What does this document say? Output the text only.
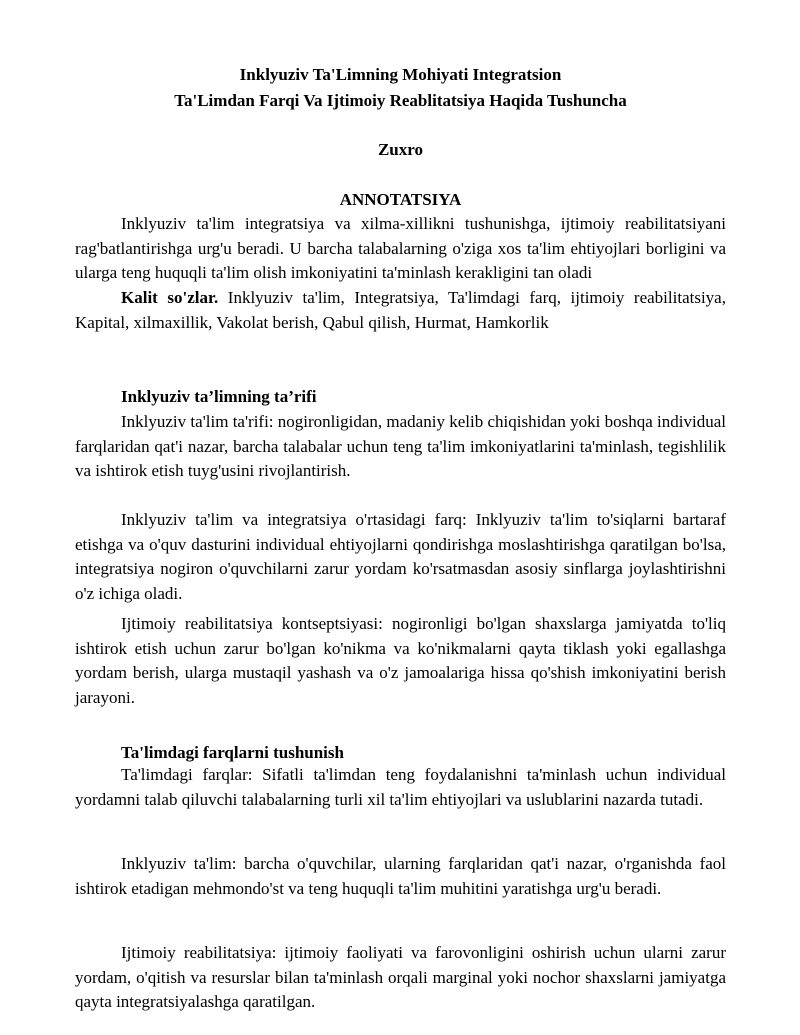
Inklyuziv Ta'Limning Mohiyati Integratsion
Ta'Limdan Farqi Va Ijtimoiy Reablitatsiya Haqida Tushuncha

Zuxro

ANNOTATSIYA

Inklyuziv ta'lim integratsiya va xilma-xillikni tushunishga, ijtimoiy reabilitatsiyani rag'batlantirishga urg'u beradi. U barcha talabalarning o'ziga xos ta'lim ehtiyojlari borligini va ularga teng huquqli ta'lim olish imkoniyatini ta'minlash kerakligini tan oladi

Kalit so'zlar. Inklyuziv ta'lim, Integratsiya, Ta'limdagi farq, ijtimoiy reabilitatsiya, Kapital, xilmaxillik, Vakolat berish, Qabul qilish, Hurmat, Hamkorlik

Inklyuziv ta’limning ta’rifi

Inklyuziv ta'lim ta'rifi: nogironligidan, madaniy kelib chiqishidan yoki boshqa individual farqlaridan qat'i nazar, barcha talabalar uchun teng ta'lim imkoniyatlarini ta'minlash, tegishlilik va ishtirok etish tuyg'usini rivojlantirish.

Inklyuziv ta'lim va integratsiya o'rtasidagi farq: Inklyuziv ta'lim to'siqlarni bartaraf etishga va o'quv dasturini individual ehtiyojlarni qondirishga moslashtirishga qaratilgan bo'lsa, integratsiya nogiron o'quvchilarni zarur yordam ko'rsatmasdan asosiy sinflarga joylashtirishni o'z ichiga oladi.

Ijtimoiy reabilitatsiya kontseptsiyasi: nogironligi bo'lgan shaxslarga jamiyatda to'liq ishtirok etish uchun zarur bo'lgan ko'nikma va ko'nikmalarni qayta tiklash yoki egallashga yordam berish, ularga mustaqil yashash va o'z jamoalariga hissa qo'shish imkoniyatini berish jarayoni.

Ta'limdagi farqlarni tushunish

Ta'limdagi farqlar: Sifatli ta'limdan teng foydalanishni ta'minlash uchun individual yordamni talab qiluvchi talabalarning turli xil ta'lim ehtiyojlari va uslublarini nazarda tutadi.

Inklyuziv ta'lim: barcha o'quvchilar, ularning farqlaridan qat'i nazar, o'rganishda faol ishtirok etadigan mehmondo'st va teng huquqli ta'lim muhitini yaratishga urg'u beradi.

Ijtimoiy reabilitatsiya: ijtimoiy faoliyati va farovonligini oshirish uchun ularni zarur yordam, o'qitish va resurslar bilan ta'minlash orqali marginal yoki nochor shaxslarni jamiyatga qayta integratsiyalashga qaratilgan.
